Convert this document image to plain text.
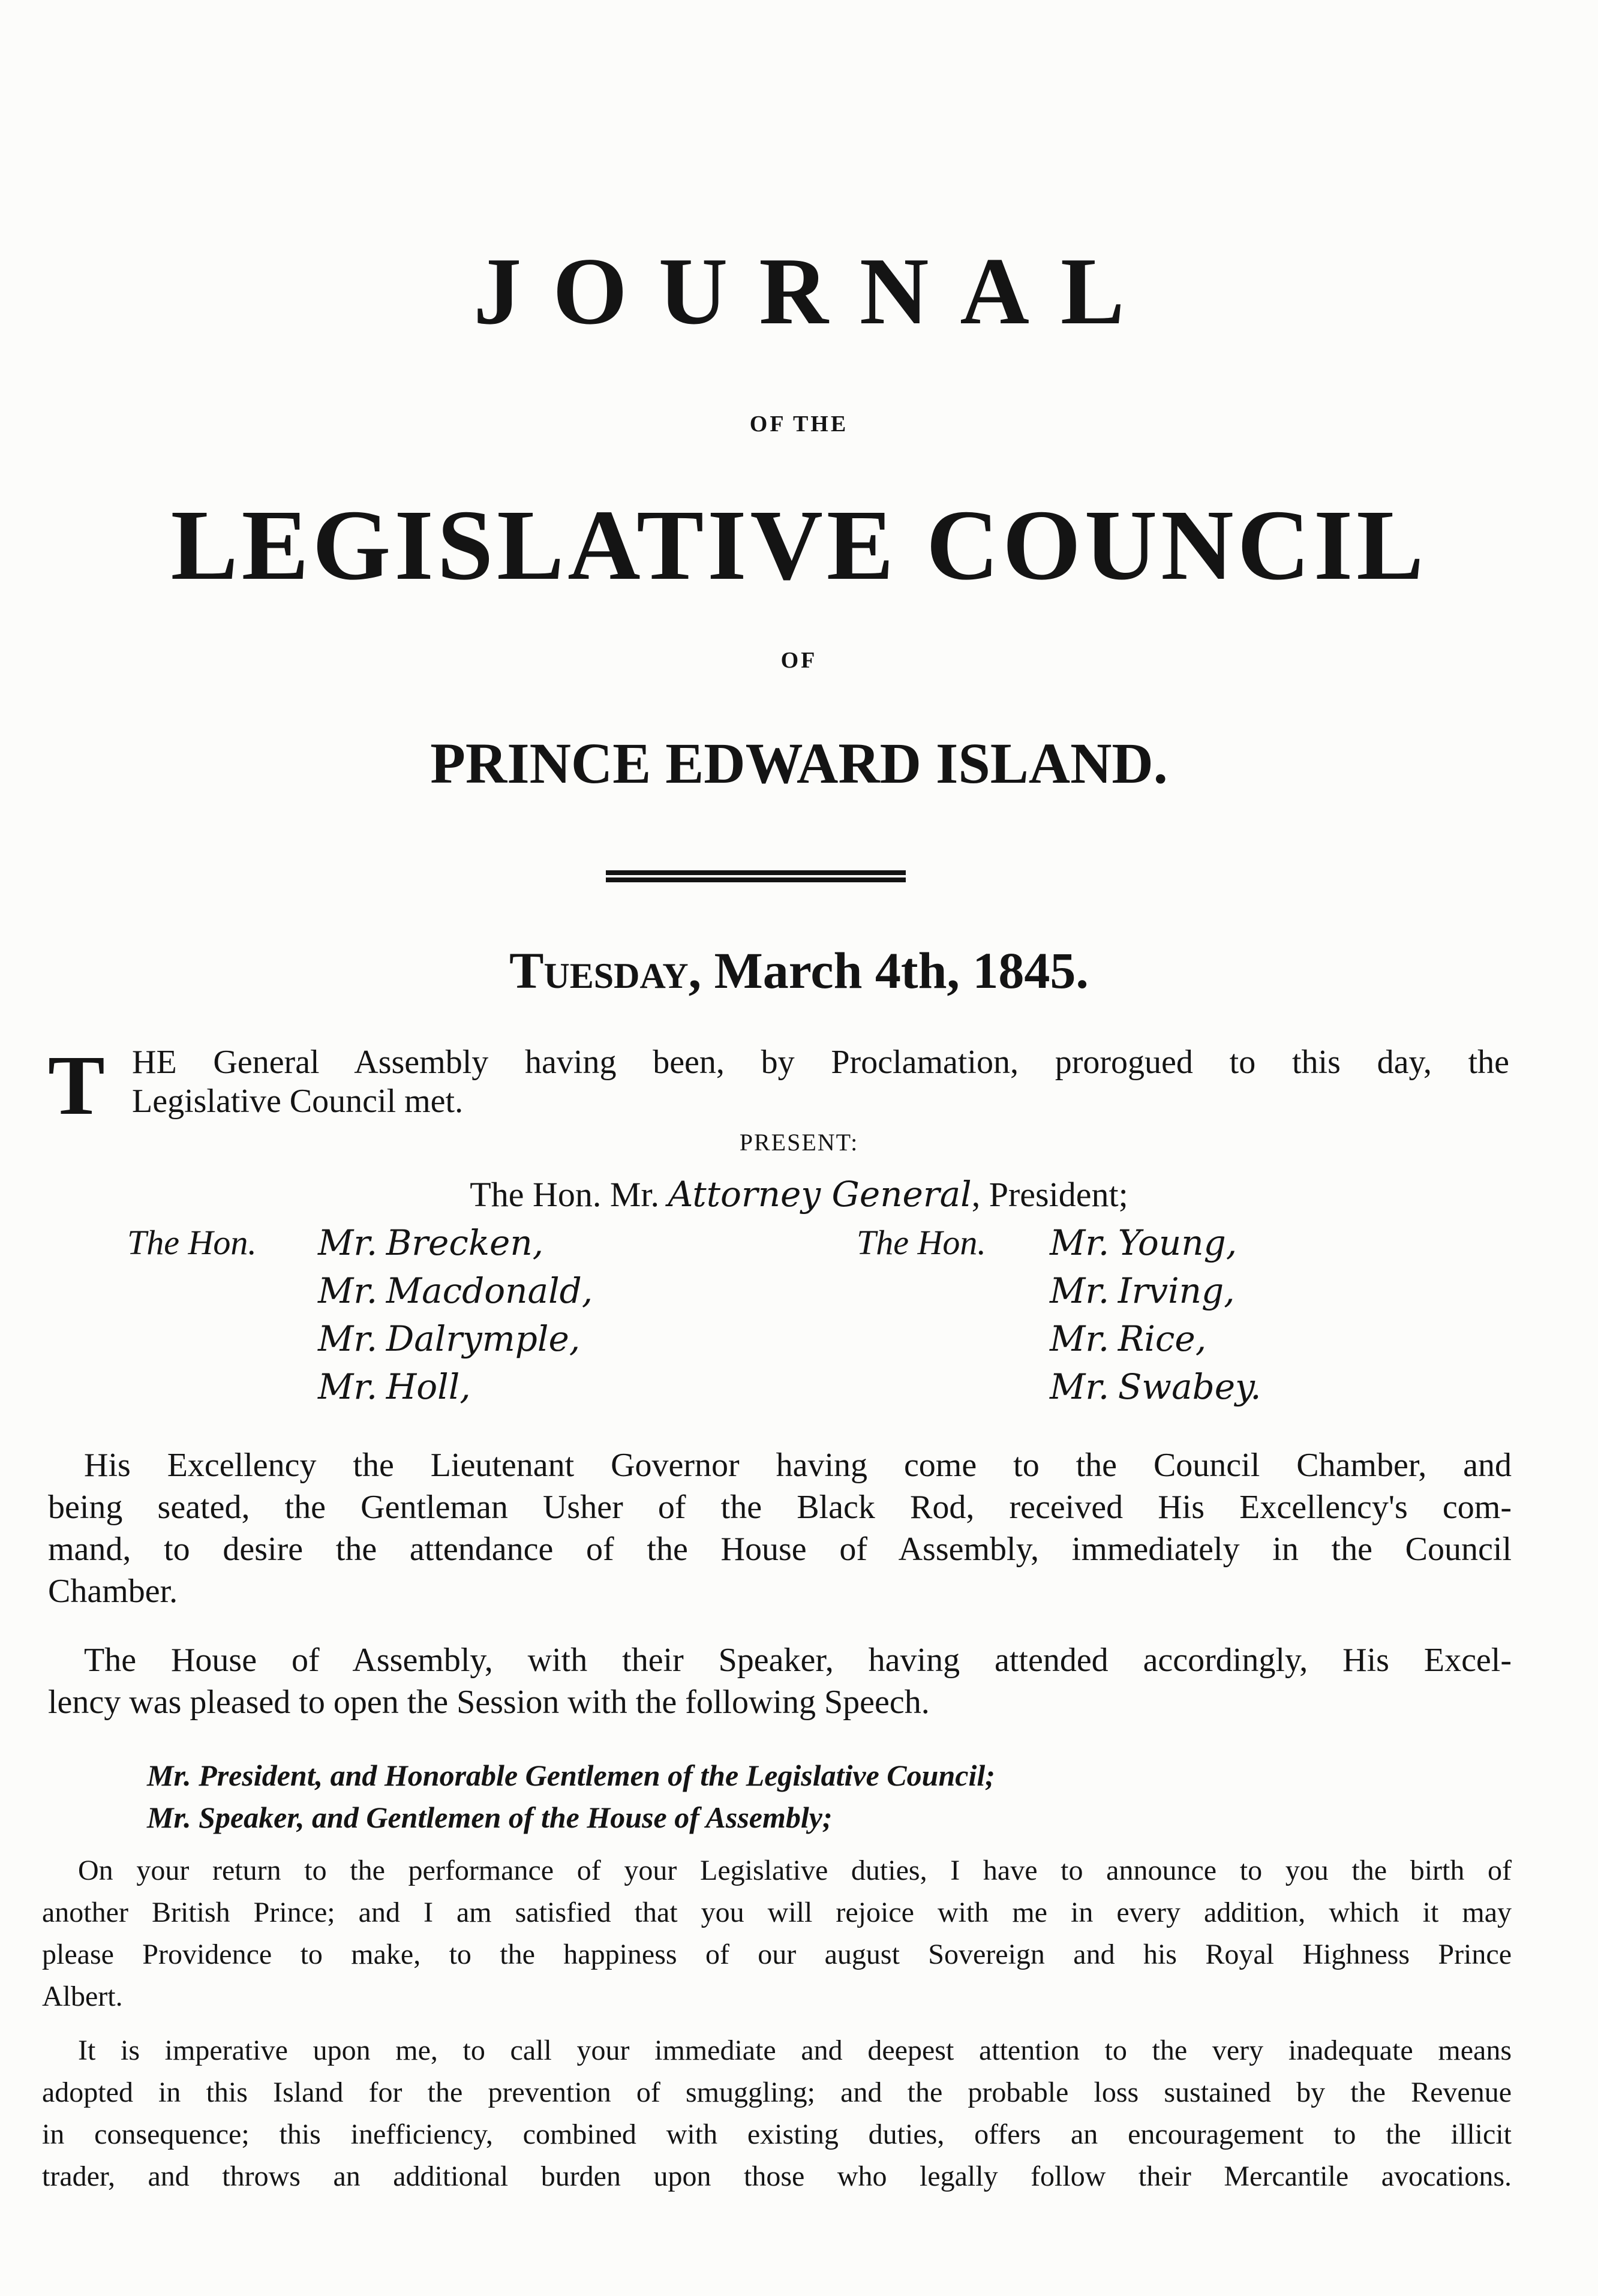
JOURNAL
OF THE
LEGISLATIVE COUNCIL
OF
PRINCE EDWARD ISLAND.
Tuesday, March 4th, 1845.
T HE General Assembly having been, by Proclamation, prorogued to this day, the
Legislative Council met.
PRESENT:
The Hon. Mr. Attorney General, President;
The Hon.	The Hon.
Mr. Brecken,
Mr. Macdonald,
Mr. Dalrymple,
Mr. Holl,
Mr. Young,
Mr. Irving,
Mr. Rice,
Mr. Swabey.
His Excellency the Lieutenant Governor having come to the Council Chamber, and
being seated, the Gentleman Usher of the Black Rod, received His Excellency's com-
mand, to desire the attendance of the House of Assembly, immediately in the Council
Chamber.
The House of Assembly, with their Speaker, having attended accordingly, His Excel-
lency was pleased to open the Session with the following Speech.
Mr. President, and Honorable Gentlemen of the Legislative Council;
Mr. Speaker, and Gentlemen of the House of Assembly;
On your return to the performance of your Legislative duties, I have to announce to you the birth of
another British Prince; and I am satisfied that you will rejoice with me in every addition, which it may
please Providence to make, to the happiness of our august Sovereign and his Royal Highness Prince
Albert.
It is imperative upon me, to call your immediate and deepest attention to the very inadequate means
adopted in this Island for the prevention of smuggling; and the probable loss sustained by the Revenue
in consequence; this inefficiency, combined with existing duties, offers an encouragement to the illicit
trader, and throws an additional burden upon those who legally follow their Mercantile avocations.
